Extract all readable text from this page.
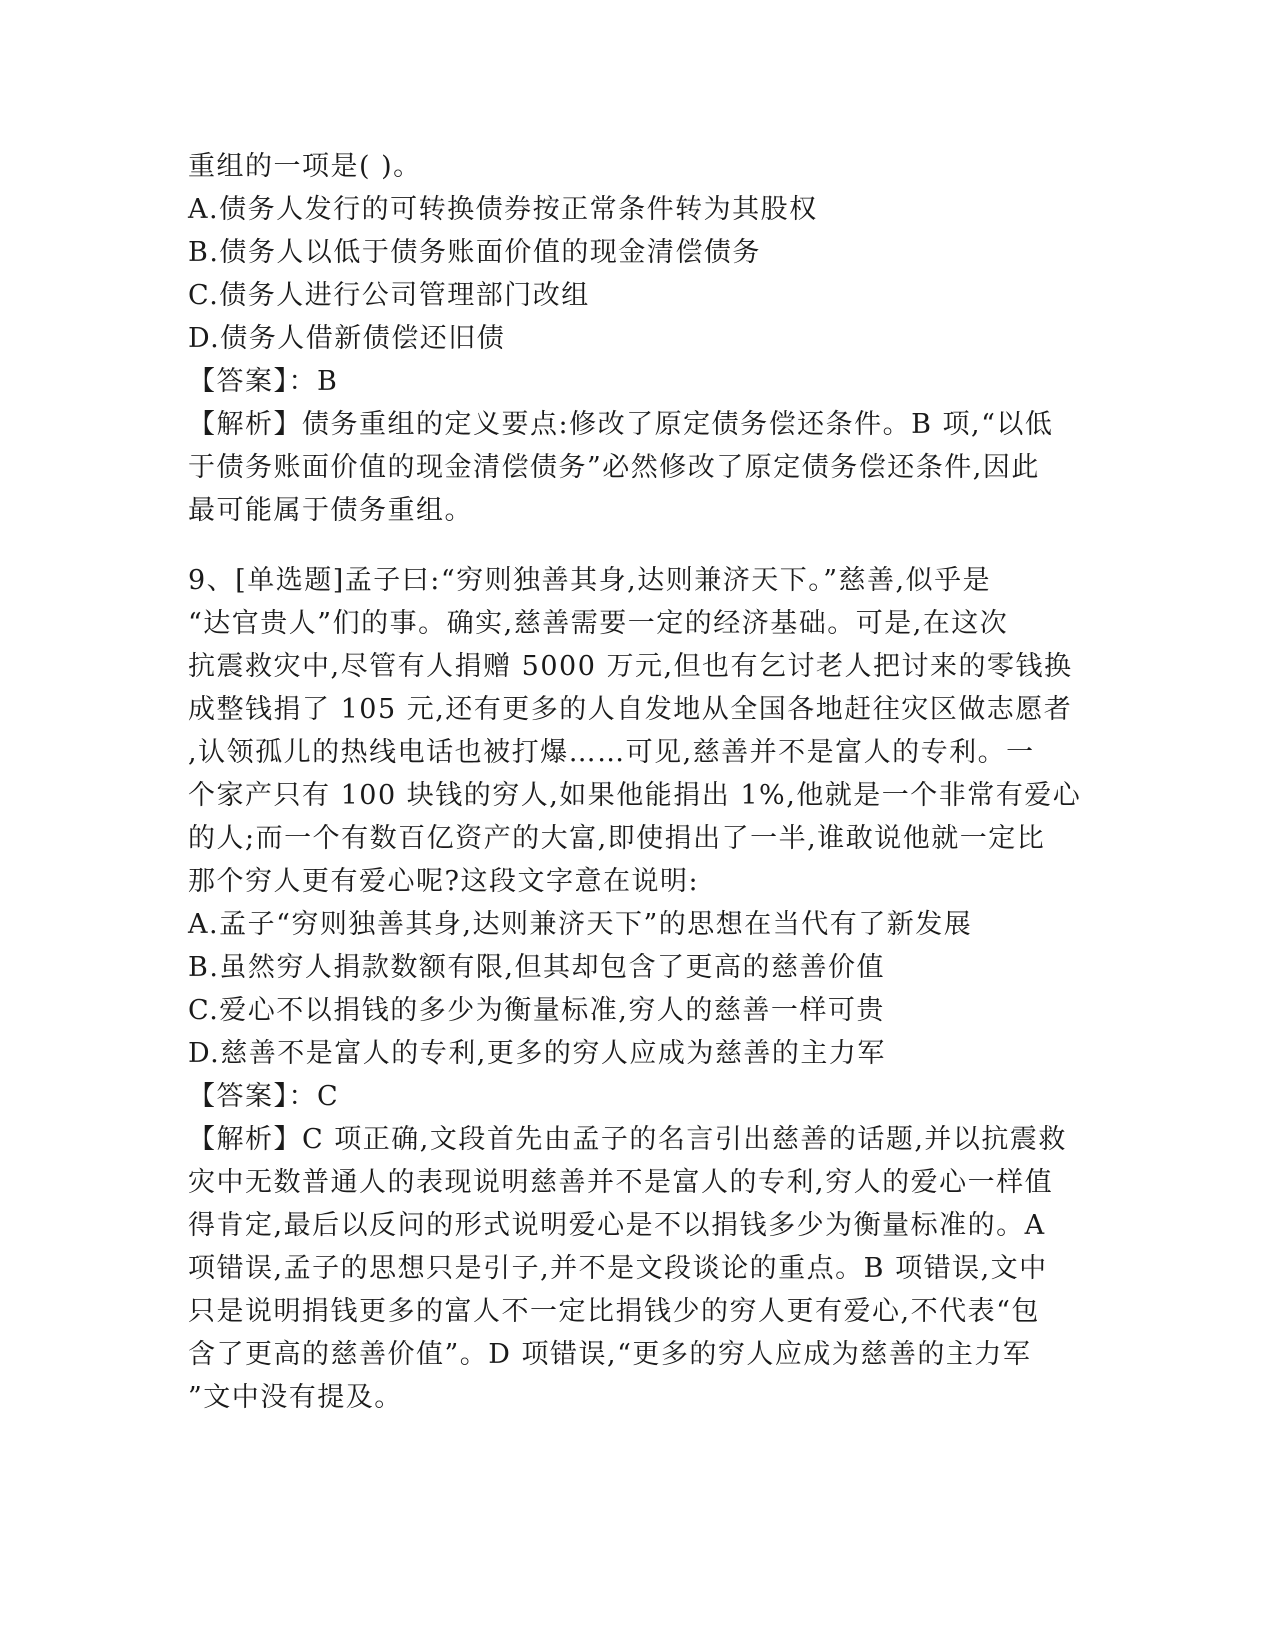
重组的一项是( )。
A.债务人发行的可转换债券按正常条件转为其股权
B.债务人以低于债务账面价值的现金清偿债务
C.债务人进行公司管理部门改组
D.债务人借新债偿还旧债
【答案】：B
【解析】债务重组的定义要点:修改了原定债务偿还条件。B 项,“以低
于债务账面价值的现金清偿债务”必然修改了原定债务偿还条件,因此
最可能属于债务重组。
9、[单选题]孟子曰:“穷则独善其身,达则兼济天下。”慈善,似乎是
“达官贵人”们的事。确实,慈善需要一定的经济基础。可是,在这次
抗震救灾中,尽管有人捐赠 5000 万元,但也有乞讨老人把讨来的零钱换
成整钱捐了 105 元,还有更多的人自发地从全国各地赶往灾区做志愿者
,认领孤儿的热线电话也被打爆……可见,慈善并不是富人的专利。一
个家产只有 100 块钱的穷人,如果他能捐出 1%,他就是一个非常有爱心
的人;而一个有数百亿资产的大富,即使捐出了一半,谁敢说他就一定比
那个穷人更有爱心呢?这段文字意在说明:
A.孟子“穷则独善其身,达则兼济天下”的思想在当代有了新发展
B.虽然穷人捐款数额有限,但其却包含了更高的慈善价值
C.爱心不以捐钱的多少为衡量标准,穷人的慈善一样可贵
D.慈善不是富人的专利,更多的穷人应成为慈善的主力军
【答案】：C
【解析】C 项正确,文段首先由孟子的名言引出慈善的话题,并以抗震救
灾中无数普通人的表现说明慈善并不是富人的专利,穷人的爱心一样值
得肯定,最后以反问的形式说明爱心是不以捐钱多少为衡量标准的。A
项错误,孟子的思想只是引子,并不是文段谈论的重点。B 项错误,文中
只是说明捐钱更多的富人不一定比捐钱少的穷人更有爱心,不代表“包
含了更高的慈善价值”。D 项错误,“更多的穷人应成为慈善的主力军
”文中没有提及。
